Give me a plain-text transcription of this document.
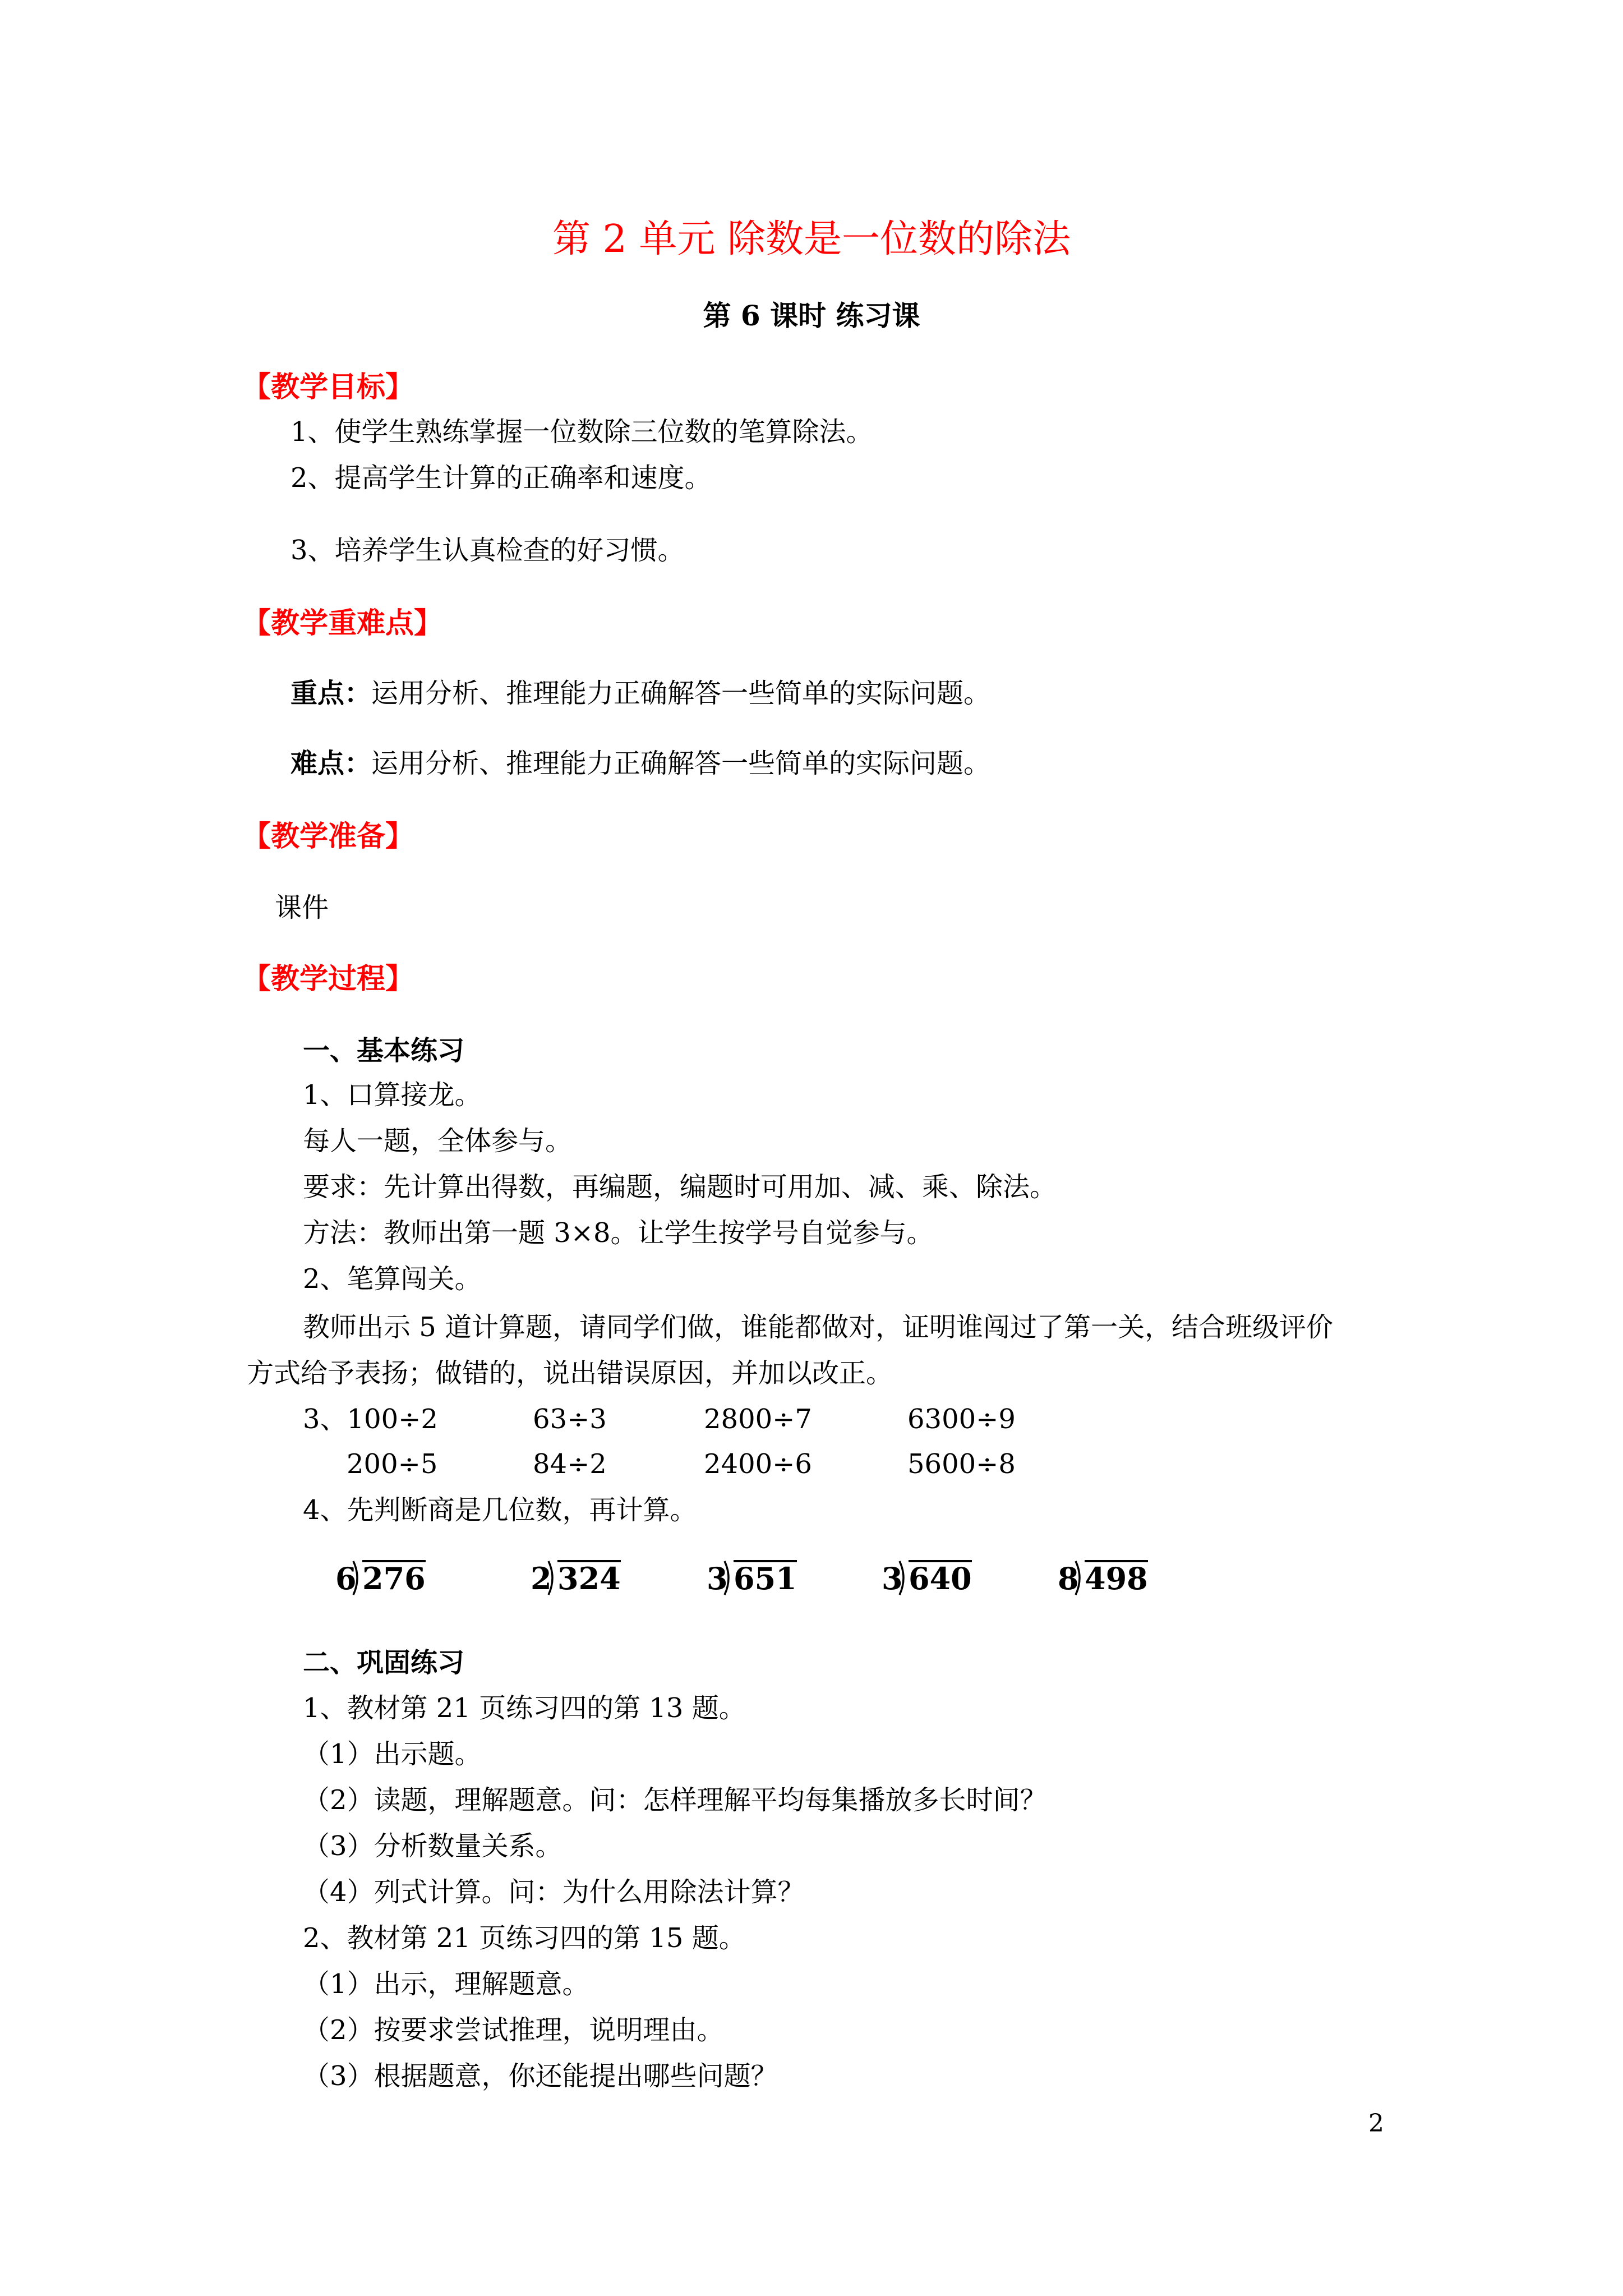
第 2 单元 除数是一位数的除法
第 6 课时 练习课
【教学目标】
1、使学生熟练掌握一位数除三位数的笔算除法。
2、提高学生计算的正确率和速度。
3、培养学生认真检查的好习惯。
【教学重难点】
重点：运用分析、推理能力正确解答一些简单的实际问题。
难点：运用分析、推理能力正确解答一些简单的实际问题。
【教学准备】
课件
【教学过程】
一、基本练习
1、口算接龙。
每人一题，全体参与。
要求：先计算出得数，再编题，编题时可用加、减、乘、除法。
方法：教师出第一题 3×8。让学生按学号自觉参与。
2、笔算闯关。
教师出示 5 道计算题，请同学们做，谁能都做对，证明谁闯过了第一关，结合班级评价
方式给予表扬；做错的，说出错误原因，并加以改正。
3、100÷2	63÷3	2800÷7	6300÷9
200÷5	84÷2	2400÷6	5600÷8
4、先判断商是几位数，再计算。
6 276	2 324	3 651	3 640	8 498
二、巩固练习
1、教材第 21 页练习四的第 13 题。
（1）出示题。
（2）读题，理解题意。问：怎样理解平均每集播放多长时间？
（3）分析数量关系。
（4）列式计算。问：为什么用除法计算？
2、教材第 21 页练习四的第 15 题。
（1）出示，理解题意。
（2）按要求尝试推理，说明理由。
（3）根据题意，你还能提出哪些问题？
2
